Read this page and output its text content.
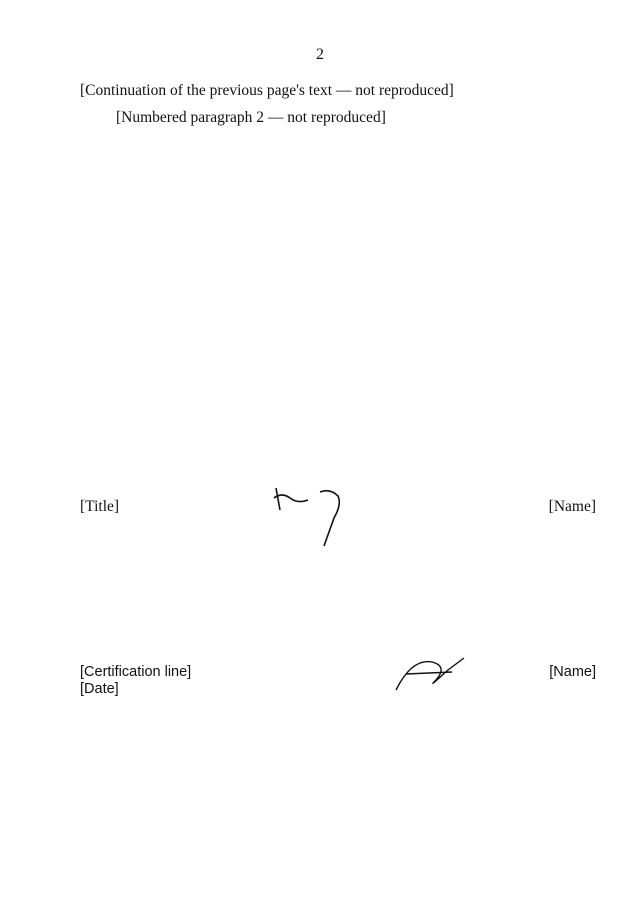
2

[Continuation of the previous page's text — not reproduced]

[Numbered paragraph 2 — not reproduced]

[Title]	[Name]
[Certification line]
[Date]
[Name]
